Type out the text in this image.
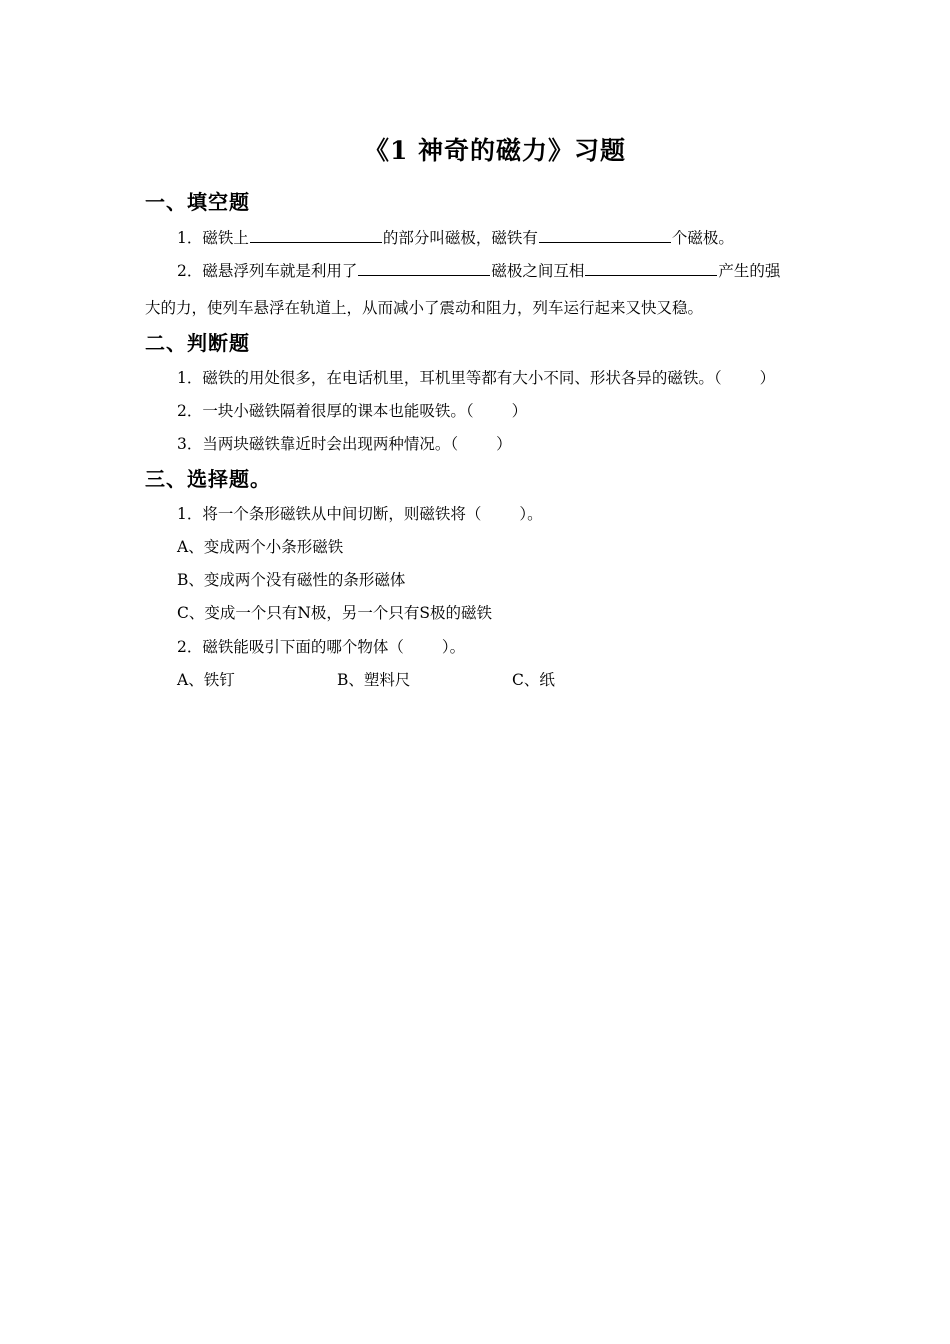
《1 神奇的磁力》习题
一、填空题
1．磁铁上	的部分叫磁极，磁铁有	个磁极。
2．磁悬浮列车就是利用了	磁极之间互相	产生的强
大的力，使列车悬浮在轨道上，从而减小了震动和阻力，列车运行起来又快又稳。
二、判断题
1．磁铁的用处很多，在电话机里，耳机里等都有大小不同、形状各异的磁铁。（ ）
2．一块小磁铁隔着很厚的课本也能吸铁。（ ）
3．当两块磁铁靠近时会出现两种情况。（ ）
三、选择题。
1．将一个条形磁铁从中间切断，则磁铁将（ ）。
A、变成两个小条形磁铁
B、变成两个没有磁性的条形磁体
C、变成一个只有N极，另一个只有S极的磁铁
2．磁铁能吸引下面的哪个物体（ ）。
A、铁钉	B、塑料尺	C、纸
